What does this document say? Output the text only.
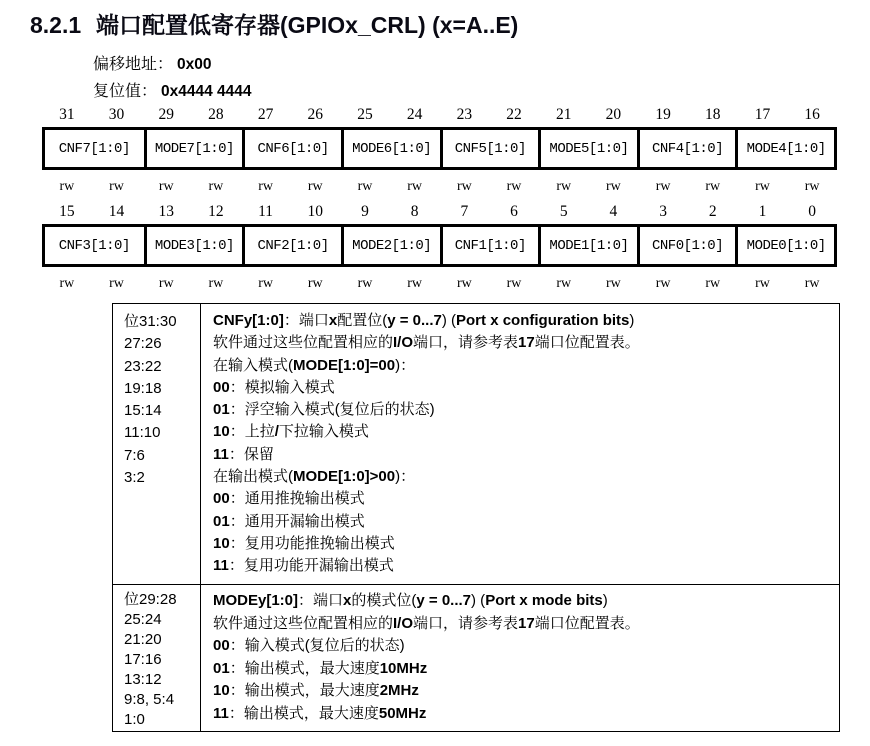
8.2.1 端口配置低寄存器(GPIOx_CRL) (x=A..E)
偏移地址： 0x00
复位值： 0x4444 4444
31	30	29	28	27	26	25	24	23	22	21	20	19	18	17	16
CNF7[1:0]	MODE7[1:0]	CNF6[1:0]	MODE6[1:0]	CNF5[1:0]	MODE5[1:0]	CNF4[1:0]	MODE4[1:0]
rw	rw	rw	rw	rw	rw	rw	rw	rw	rw	rw	rw	rw	rw	rw	rw
15	14	13	12	11	10	9	8	7	6	5	4	3	2	1	0
CNF3[1:0]	MODE3[1:0]	CNF2[1:0]	MODE2[1:0]	CNF1[1:0]	MODE1[1:0]	CNF0[1:0]	MODE0[1:0]
rw	rw	rw	rw	rw	rw	rw	rw	rw	rw	rw	rw	rw	rw	rw	rw
位31:30
27:26
23:22
19:18
15:14
11:10
7:6
3:2
CNFy[1:0]：端口x配置位(y = 0...7) (Port x configuration bits)
软件通过这些位配置相应的I/O端口，请参考表17端口位配置表。
在输入模式(MODE[1:0]=00)：
00：模拟输入模式
01：浮空输入模式(复位后的状态)
10：上拉/下拉输入模式
11：保留
在输出模式(MODE[1:0]>00)：
00：通用推挽输出模式
01：通用开漏输出模式
10：复用功能推挽输出模式
11：复用功能开漏输出模式
位29:28
25:24
21:20
17:16
13:12
9:8, 5:4
1:0
MODEy[1:0]：端口x的模式位(y = 0...7) (Port x mode bits)
软件通过这些位配置相应的I/O端口，请参考表17端口位配置表。
00：输入模式(复位后的状态)
01：输出模式，最大速度10MHz
10：输出模式，最大速度2MHz
11：输出模式，最大速度50MHz
